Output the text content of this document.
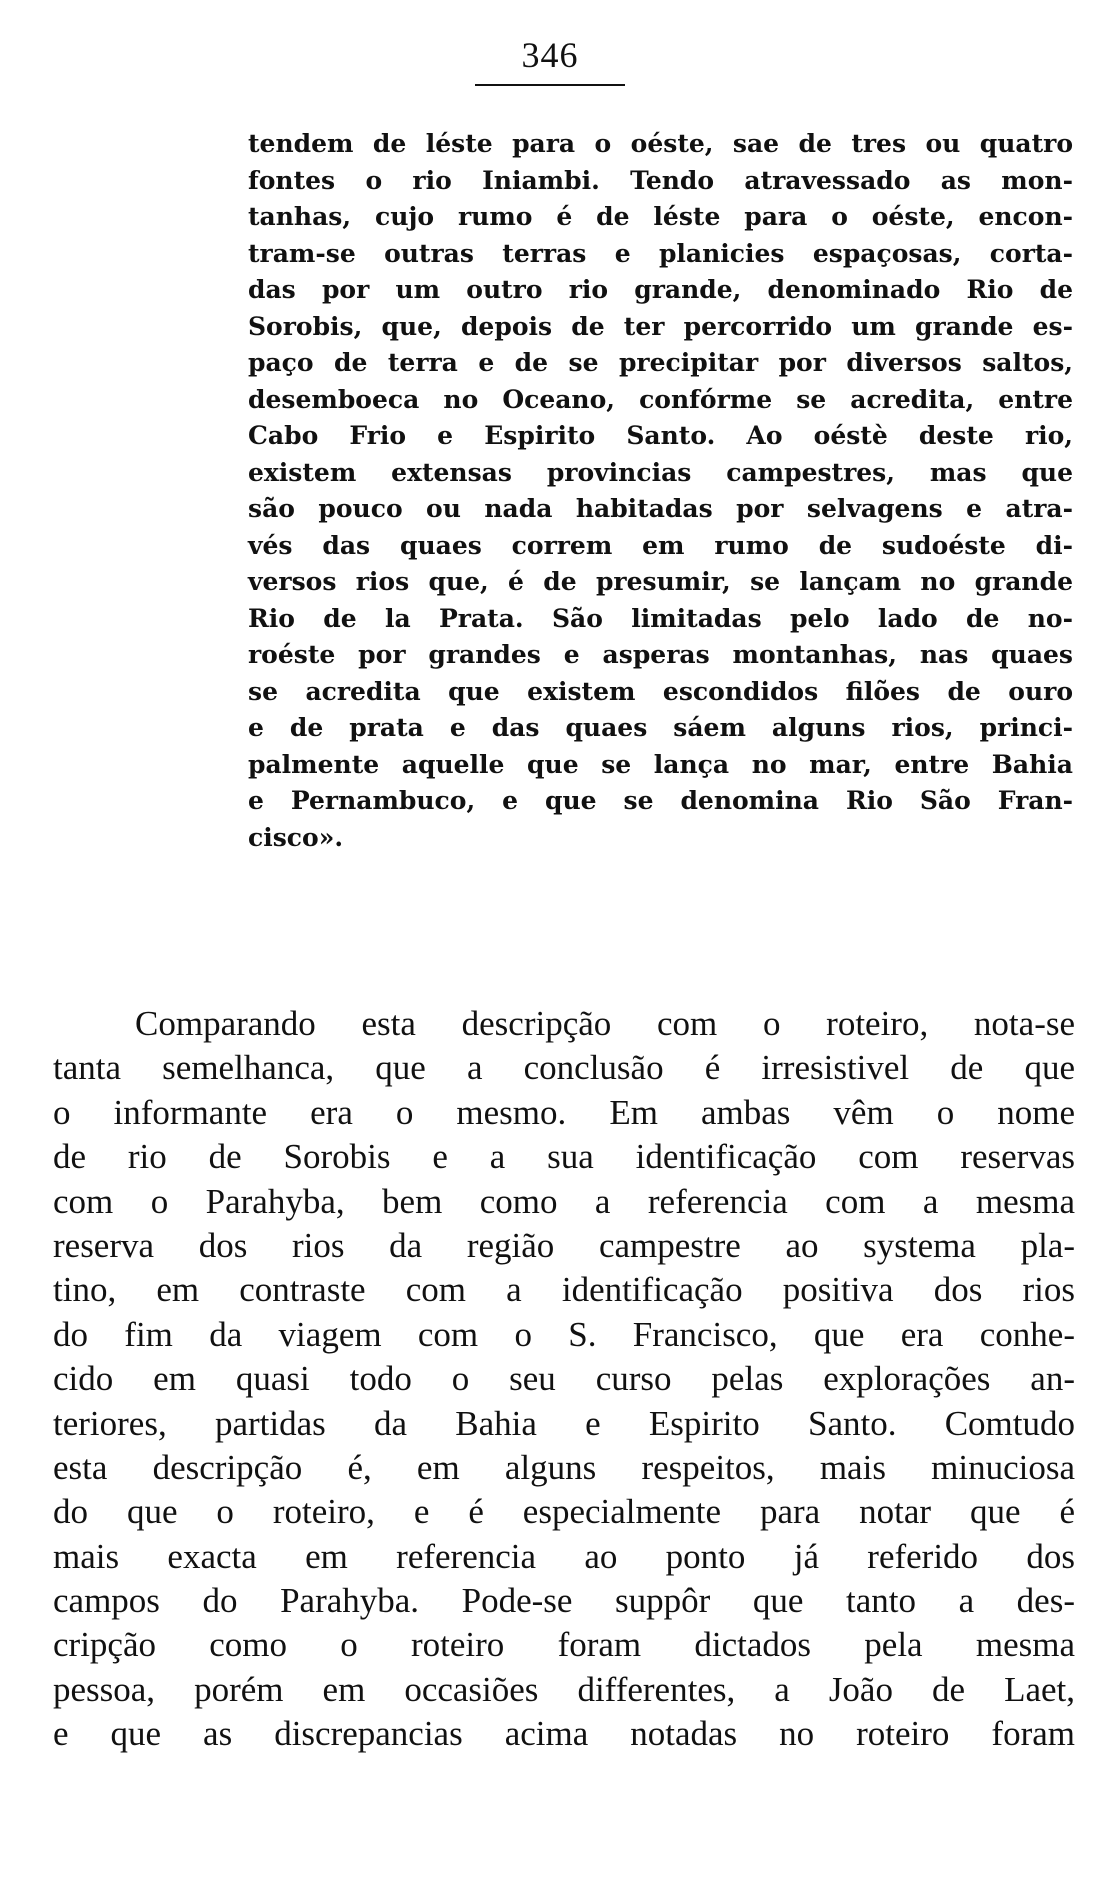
346
tendem de léste para o oéste, sae de tres ou quatro
fontes o rio Iniambi. Tendo atravessado as mon-
tanhas, cujo rumo é de léste para o oéste, encon-
tram-se outras terras e planicies espaçosas, corta-
das por um outro rio grande, denominado Rio de
Sorobis, que, depois de ter percorrido um grande es-
paço de terra e de se precipitar por diversos saltos,
desemboeca no Oceano, confórme se acredita, entre
Cabo Frio e Espirito Santo. Ao oéstè deste rio,
existem extensas provincias campestres, mas que
são pouco ou nada habitadas por selvagens e atra-
vés das quaes correm em rumo de sudoéste di-
versos rios que, é de presumir, se lançam no grande
Rio de la Prata. São limitadas pelo lado de no-
roéste por grandes e asperas montanhas, nas quaes
se acredita que existem escondidos filões de ouro
e de prata e das quaes sáem alguns rios, princi-
palmente aquelle que se lança no mar, entre Bahia
e Pernambuco, e que se denomina Rio São Fran-
cisco».
Comparando esta descripção com o roteiro, nota-se
tanta semelhanca, que a conclusão é irresistivel de que
o informante era o mesmo. Em ambas vêm o nome
de rio de Sorobis e a sua identificação com reservas
com o Parahyba, bem como a referencia com a mesma
reserva dos rios da região campestre ao systema pla-
tino, em contraste com a identificação positiva dos rios
do fim da viagem com o S. Francisco, que era conhe-
cido em quasi todo o seu curso pelas explorações an-
teriores, partidas da Bahia e Espirito Santo. Comtudo
esta descripção é, em alguns respeitos, mais minuciosa
do que o roteiro, e é especialmente para notar que é
mais exacta em referencia ao ponto já referido dos
campos do Parahyba. Pode-se suppôr que tanto a des-
cripção como o roteiro foram dictados pela mesma
pessoa, porém em occasiões differentes, a João de Laet,
e que as discrepancias acima notadas no roteiro foram
